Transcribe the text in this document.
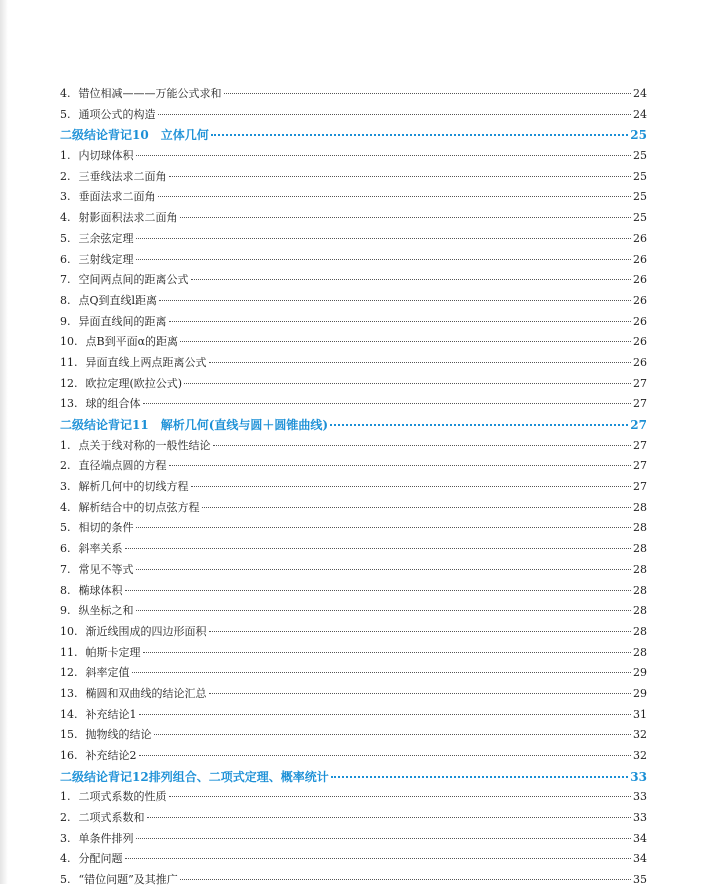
4. 错位相减———万能公式求和	24
5. 通项公式的构造	24
二级结论背记10　立体几何	25
1. 内切球体积	25
2. 三垂线法求二面角	25
3. 垂面法求二面角	25
4. 射影面积法求二面角	25
5. 三余弦定理	26
6. 三射线定理	26
7. 空间两点间的距离公式	26
8. 点Q到直线l距离	26
9. 异面直线间的距离	26
10. 点B到平面α的距离	26
11. 异面直线上两点距离公式	26
12. 欧拉定理(欧拉公式)	27
13. 球的组合体	27
二级结论背记11　解析几何(直线与圆＋圆锥曲线)	27
1. 点关于线对称的一般性结论	27
2. 直径端点圆的方程	27
3. 解析几何中的切线方程	27
4. 解析结合中的切点弦方程	28
5. 相切的条件	28
6. 斜率关系	28
7. 常见不等式	28
8. 椭球体积	28
9. 纵坐标之和	28
10. 渐近线围成的四边形面积	28
11. 帕斯卡定理	28
12. 斜率定值	29
13. 椭圆和双曲线的结论汇总	29
14. 补充结论1	31
15. 抛物线的结论	32
16. 补充结论2	32
二级结论背记12排列组合、二项式定理、概率统计	33
1. 二项式系数的性质	33
2. 二项式系数和	33
3. 单条件排列	34
4. 分配问题	34
5. “错位问题”及其推广	35
